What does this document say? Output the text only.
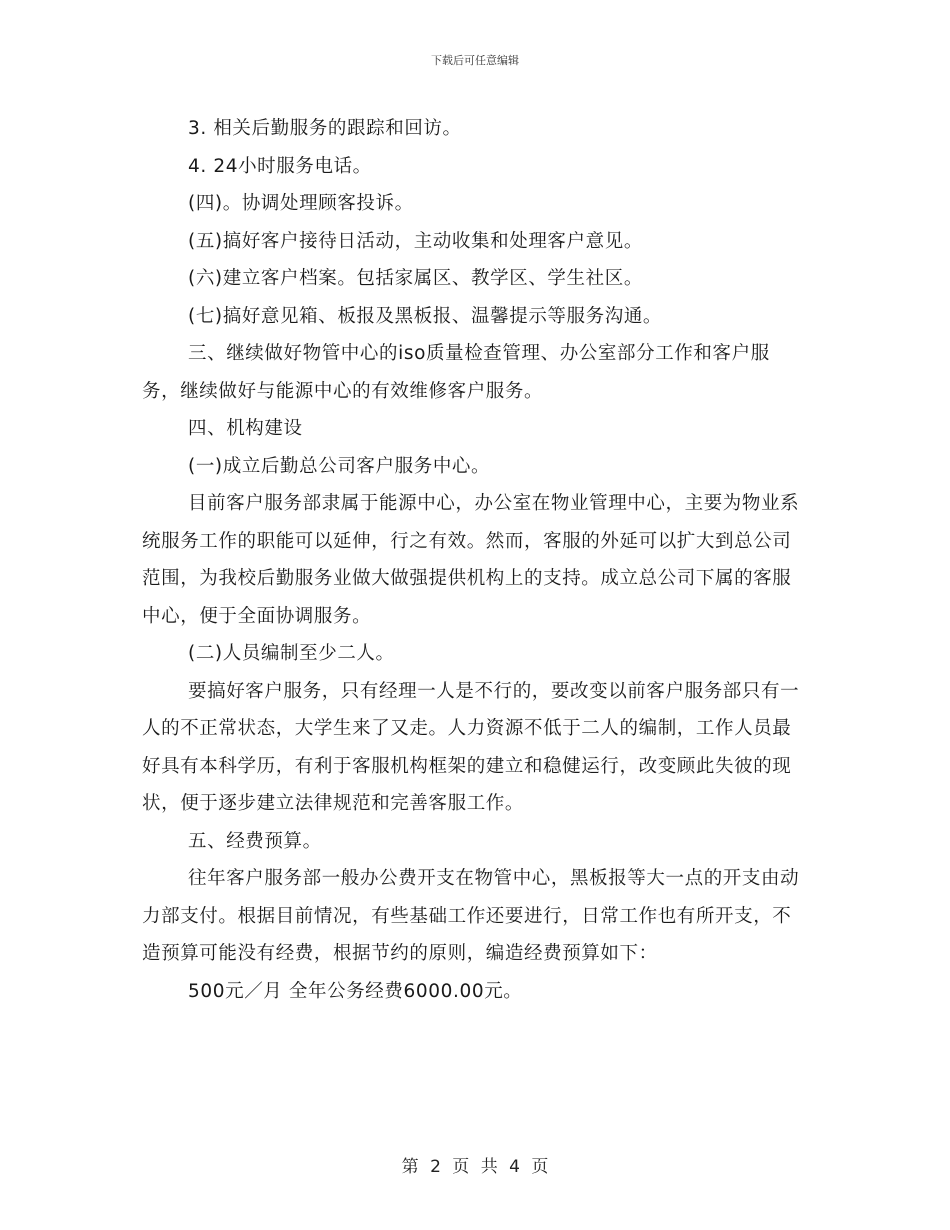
下载后可任意编辑

3. 相关后勤服务的跟踪和回访。

4. 24小时服务电话。

(四)。协调处理顾客投诉。

(五)搞好客户接待日活动，主动收集和处理客户意见。

(六)建立客户档案。包括家属区、教学区、学生社区。

(七)搞好意见箱、板报及黑板报、温馨提示等服务沟通。

三、继续做好物管中心的iso质量检查管理、办公室部分工作和客户服务，继续做好与能源中心的有效维修客户服务。

四、机构建设

(一)成立后勤总公司客户服务中心。

目前客户服务部隶属于能源中心，办公室在物业管理中心，主要为物业系统服务工作的职能可以延伸，行之有效。然而，客服的外延可以扩大到总公司范围，为我校后勤服务业做大做强提供机构上的支持。成立总公司下属的客服中心，便于全面协调服务。

(二)人员编制至少二人。

要搞好客户服务，只有经理一人是不行的，要改变以前客户服务部只有一人的不正常状态，大学生来了又走。人力资源不低于二人的编制，工作人员最好具有本科学历，有利于客服机构框架的建立和稳健运行，改变顾此失彼的现状，便于逐步建立法律规范和完善客服工作。

五、经费预算。

往年客户服务部一般办公费开支在物管中心，黑板报等大一点的开支由动力部支付。根据目前情况，有些基础工作还要进行，日常工作也有所开支，不造预算可能没有经费，根据节约的原则，编造经费预算如下：

500元／月 全年公务经费6000.00元。

第 2 页 共 4 页
